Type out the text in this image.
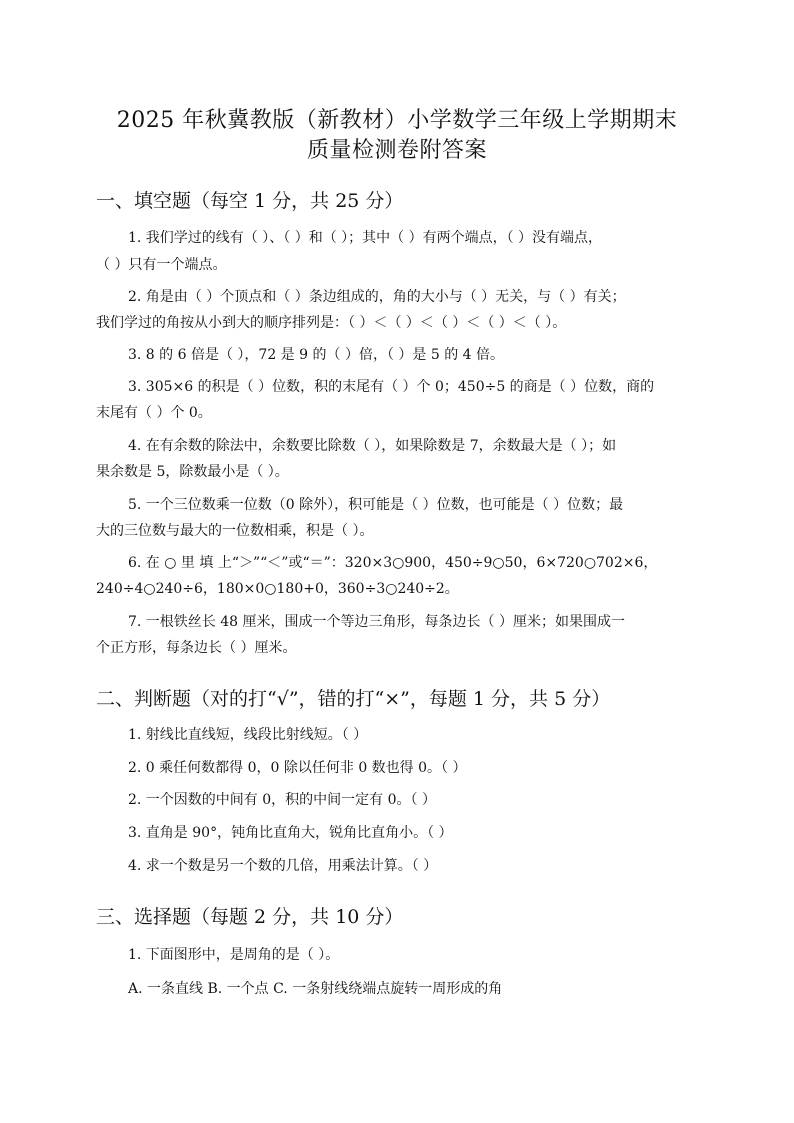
2025 年秋冀教版（新教材）小学数学三年级上学期期末
质量检测卷附答案
一、填空题（每空 1 分，共 25 分）
1. 我们学过的线有（ ）、（ ）和（ ）；其中（ ）有两个端点，（ ）没有端点，
（ ）只有一个端点。
2. 角是由（ ）个顶点和（ ）条边组成的，角的大小与（ ）无关，与（ ）有关；
我们学过的角按从小到大的顺序排列是：（ ）＜（ ）＜（ ）＜（ ）＜（ ）。
3. 8 的 6 倍是（ ），72 是 9 的（ ）倍，（ ）是 5 的 4 倍。
3. 305×6 的积是（ ）位数，积的末尾有（ ）个 0；450÷5 的商是（ ）位数，商的
末尾有（ ）个 0。
4. 在有余数的除法中，余数要比除数（ ），如果除数是 7，余数最大是（ ）；如
果余数是 5，除数最小是（ ）。
5. 一个三位数乘一位数（0 除外），积可能是（ ）位数，也可能是（ ）位数；最
大的三位数与最大的一位数相乘，积是（ ）。
6. 在 ○ 里 填 上“＞”“＜”或“＝”：320×3○900，450÷9○50，6×720○702×6，
240÷4○240÷6，180×0○180+0，360÷3○240÷2。
7. 一根铁丝长 48 厘米，围成一个等边三角形，每条边长（ ）厘米；如果围成一
个正方形，每条边长（ ）厘米。
二、判断题（对的打“√”，错的打“×”，每题 1 分，共 5 分）
1. 射线比直线短，线段比射线短。（ ）
2. 0 乘任何数都得 0，0 除以任何非 0 数也得 0。（ ）
2. 一个因数的中间有 0，积的中间一定有 0。（ ）
3. 直角是 90°，钝角比直角大，锐角比直角小。（ ）
4. 求一个数是另一个数的几倍，用乘法计算。（ ）
三、选择题（每题 2 分，共 10 分）
1. 下面图形中，是周角的是（ ）。
A. 一条直线 B. 一个点 C. 一条射线绕端点旋转一周形成的角
